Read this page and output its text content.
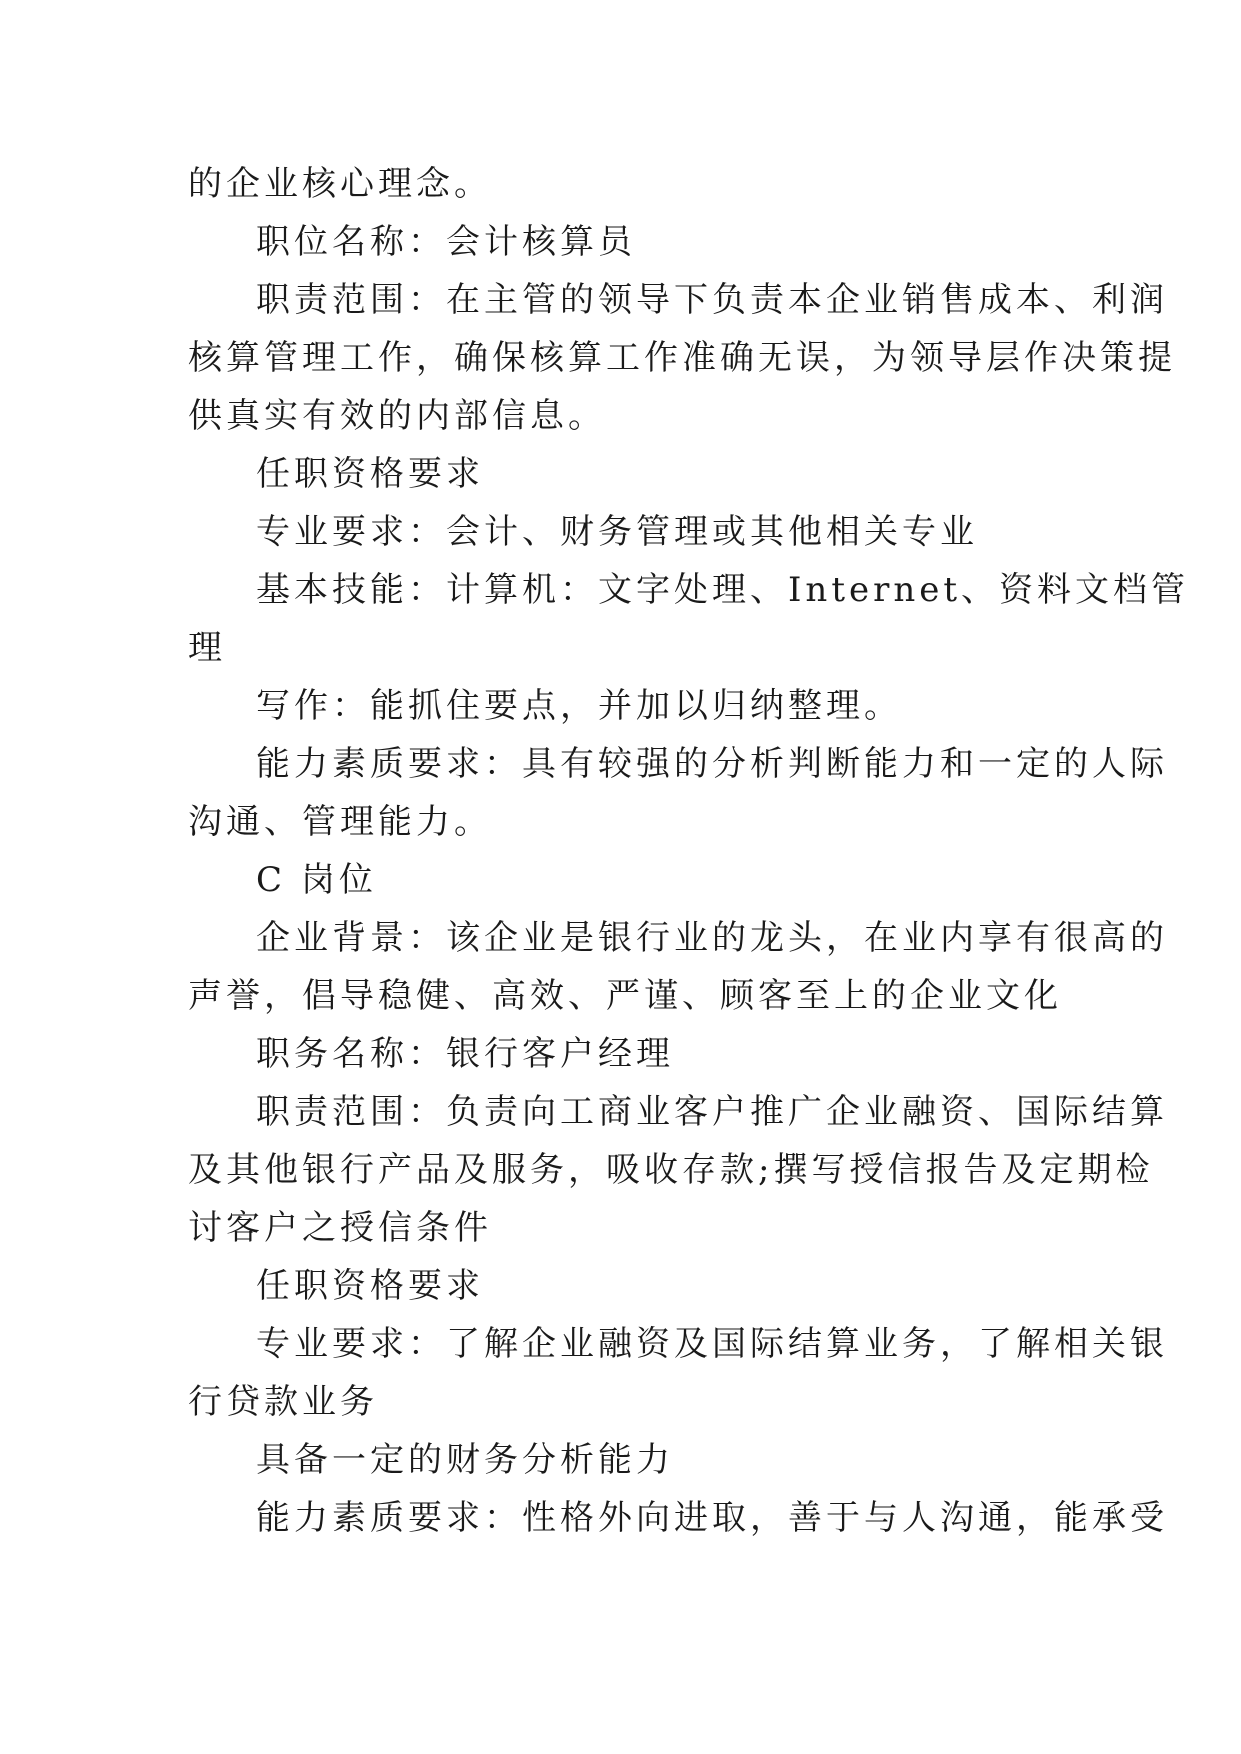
的企业核心理念。

职位名称：会计核算员

职责范围：在主管的领导下负责本企业销售成本、利润

核算管理工作，确保核算工作准确无误，为领导层作决策提

供真实有效的内部信息。

任职资格要求

专业要求：会计、财务管理或其他相关专业

基本技能：计算机：文字处理、Internet、资料文档管

理

写作：能抓住要点，并加以归纳整理。

能力素质要求：具有较强的分析判断能力和一定的人际

沟通、管理能力。

C 岗位

企业背景：该企业是银行业的龙头，在业内享有很高的

声誉，倡导稳健、高效、严谨、顾客至上的企业文化

职务名称：银行客户经理

职责范围：负责向工商业客户推广企业融资、国际结算

及其他银行产品及服务，吸收存款;撰写授信报告及定期检

讨客户之授信条件

任职资格要求

专业要求：了解企业融资及国际结算业务，了解相关银

行贷款业务

具备一定的财务分析能力

能力素质要求：性格外向进取，善于与人沟通，能承受
